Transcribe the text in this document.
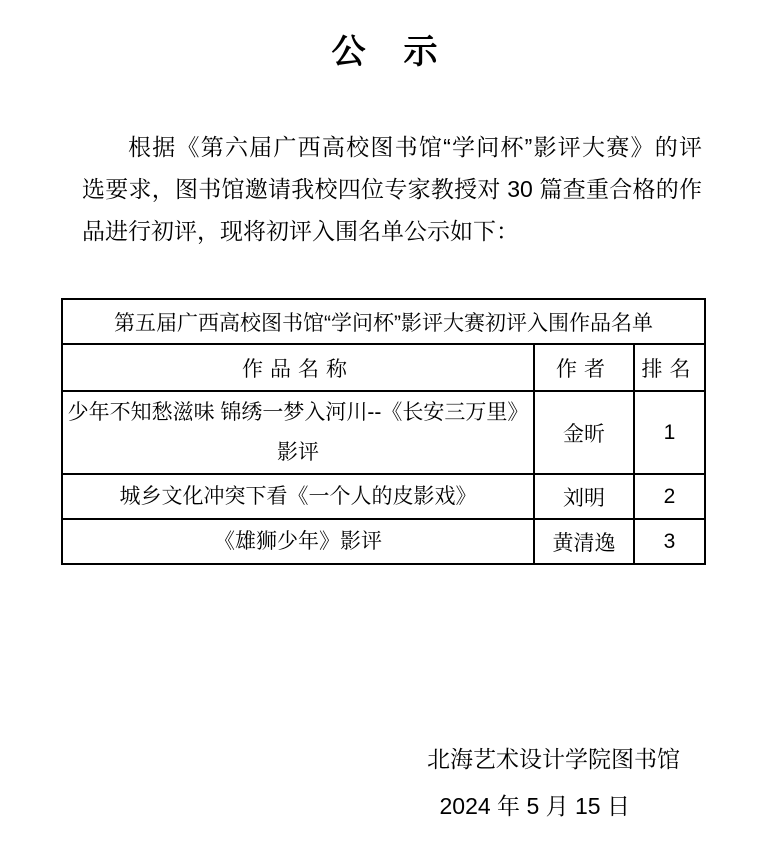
公　示
根据《第六届广西高校图书馆“学问杯”影评大赛》的评
选要求，图书馆邀请我校四位专家教授对 30 篇查重合格的作
品进行初评，现将初评入围名单公示如下：
第五届广西高校图书馆“学问杯”影评大赛初评入围作品名单		
作品名称	作者	排名

少年不知愁滋味 锦绣一梦入河川--《长安三万里》
影评	金昕	1

城乡文化冲突下看《一个人的皮影戏》	刘明	2

《雄狮少年》影评	黄清逸	3
北海艺术设计学院图书馆
2024 年 5 月 15 日
